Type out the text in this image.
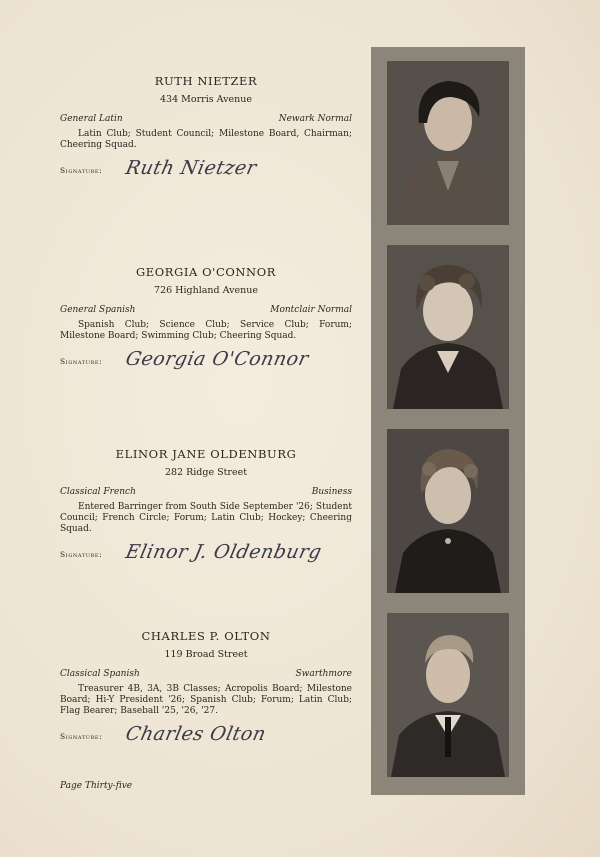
RUTH NIETZER
434 Morris Avenue
General Latin	Newark Normal

Latin Club; Student Council; Milestone Board, Chairman; Cheering Squad.

Signature:	Ruth Nietzer
GEORGIA O'CONNOR
726 Highland Avenue
General Spanish	Montclair Normal

Spanish Club; Science Club; Service Club; Forum; Milestone Board; Swimming Club; Cheering Squad.

Signature:	Georgia O'Connor
ELINOR JANE OLDENBURG
282 Ridge Street
Classical French	Business

Entered Barringer from South Side September '26; Student Council; French Circle; Forum; Latin Club; Hockey; Cheering Squad.

Signature:	Elinor J. Oldenburg
CHARLES P. OLTON
119 Broad Street
Classical Spanish	Swarthmore

Treasurer 4B, 3A, 3B Classes; Acropolis Board; Milestone Board; Hi-Y President '26; Spanish Club; Forum; Latin Club; Flag Bearer; Baseball '25, '26, '27.

Signature:	Charles Olton
Page Thirty-five
